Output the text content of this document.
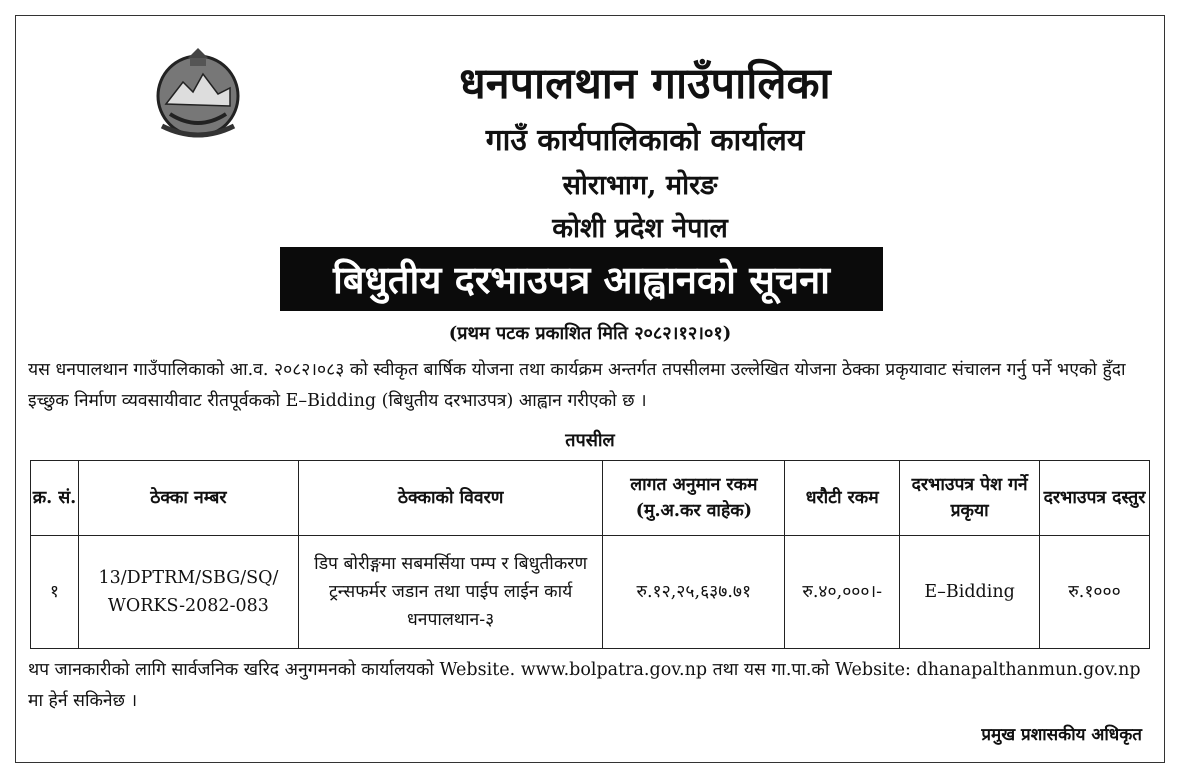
धनपालथान गाउँपालिका
गाउँ कार्यपालिकाको कार्यालय
सोराभाग, मोरङ
कोशी प्रदेश नेपाल
बिधुतीय दरभाउपत्र आह्वानको सूचना
(प्रथम पटक प्रकाशित मिति २०८२।१२।०१)
यस धनपालथान गाउँपालिकाको आ.व. २०८२।०८३ को स्वीकृत बार्षिक योजना तथा कार्यक्रम अन्तर्गत तपसीलमा उल्लेखित योजना ठेक्का प्रकृयावाट संचालन गर्नु पर्ने भएको हुँदा इच्छुक निर्माण व्यवसायीवाट रीतपूर्वकको E–Bidding (बिधुतीय दरभाउपत्र) आह्वान गरीएको छ ।
तपसील
क्र. सं.	ठेक्का नम्बर	ठेक्काको विवरण	लागत अनुमान रकम (मु.अ.कर वाहेक)	धरौटी रकम	दरभाउपत्र पेश गर्ने प्रकृया	दरभाउपत्र दस्तुर
१	13/DPTRM/SBG/SQ/ WORKS-2082-083	डिप बोरीङ्गमा सबमर्सिया पम्प र बिधुतीकरण ट्रन्सफर्मर जडान तथा पाईप लाईन कार्य धनपालथान-३	रु.१२,२५,६३७.७१	रु.४०,०००।-	E–Bidding	रु.१०००
थप जानकारीको लागि सार्वजनिक खरिद अनुगमनको कार्यालयको Website. www.bolpatra.gov.np तथा यस गा.पा.को Website: dhanapalthanmun.gov.np मा हेर्न सकिनेछ ।
प्रमुख प्रशासकीय अधिकृत
